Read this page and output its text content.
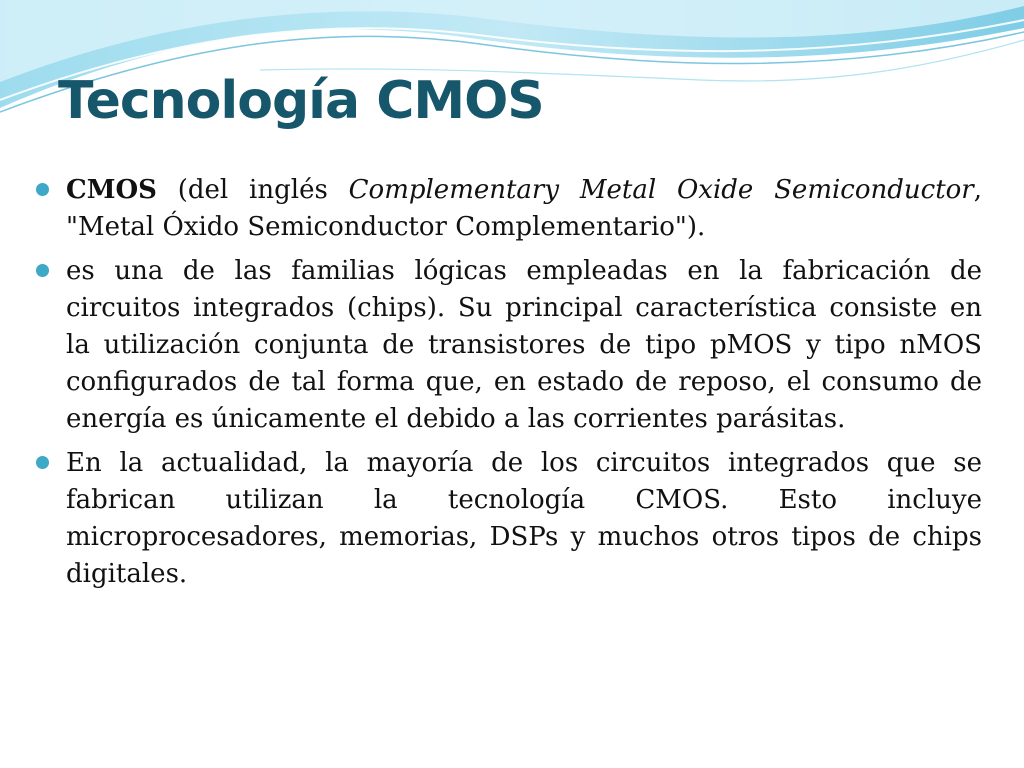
Tecnología CMOS
CMOS (del inglés Complementary Metal Oxide Semiconductor, "Metal Óxido Semiconductor Complementario").
es una de las familias lógicas empleadas en la fabricación de circuitos integrados (chips). Su principal característica consiste en la utilización conjunta de transistores de tipo pMOS y tipo nMOS configurados de tal forma que, en estado de reposo, el consumo de energía es únicamente el debido a las corrientes parásitas.
En la actualidad, la mayoría de los circuitos integrados que se fabrican utilizan la tecnología CMOS. Esto incluye microprocesadores, memorias, DSPs y muchos otros tipos de chips digitales.
